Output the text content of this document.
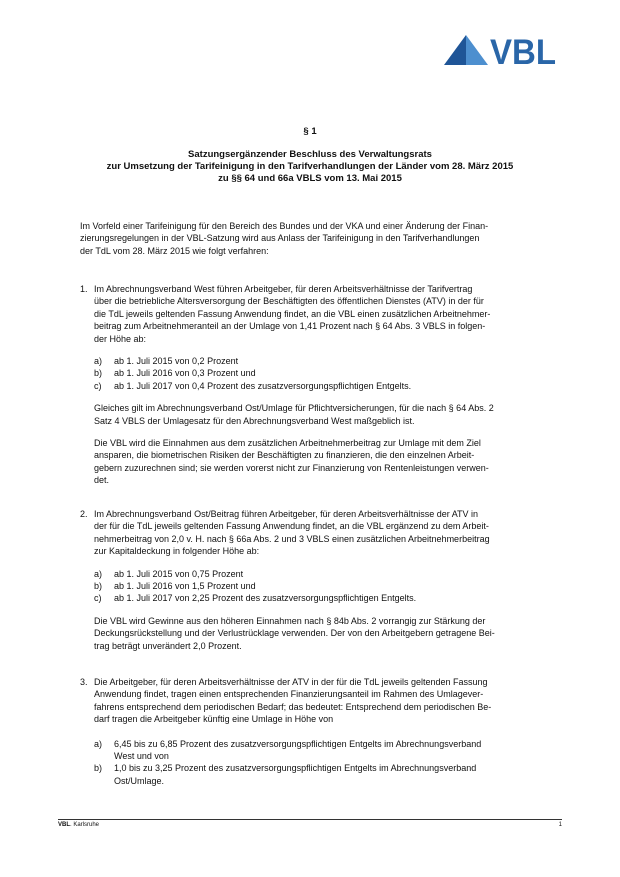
VBL

§ 1

Satzungsergänzender Beschluss des Verwaltungsrats
zur Umsetzung der Tarifeinigung in den Tarifverhandlungen der Länder vom 28. März 2015
zu §§ 64 und 66a VBLS vom 13. Mai 2015
Im Vorfeld einer Tarifeinigung für den Bereich des Bundes und der VKA und einer Änderung der Finan-
zierungsregelungen in der VBL-Satzung wird aus Anlass der Tarifeinigung in den Tarifverhandlungen
der TdL vom 28. März 2015 wie folgt verfahren:
1. Im Abrechnungsverband West führen Arbeitgeber, für deren Arbeitsverhältnisse der Tarifvertrag
über die betriebliche Altersversorgung der Beschäftigten des öffentlichen Dienstes (ATV) in der für
die TdL jeweils geltenden Fassung Anwendung findet, an die VBL einen zusätzlichen Arbeitnehmer-
beitrag zum Arbeitnehmeranteil an der Umlage von 1,41 Prozent nach § 64 Abs. 3 VBLS in folgen-
der Höhe ab:
a) ab 1. Juli 2015 von 0,2 Prozent
b) ab 1. Juli 2016 von 0,3 Prozent und
c) ab 1. Juli 2017 von 0,4 Prozent des zusatzversorgungspflichtigen Entgelts.
Gleiches gilt im Abrechnungsverband Ost/Umlage für Pflichtversicherungen, für die nach § 64 Abs. 2
Satz 4 VBLS der Umlagesatz für den Abrechnungsverband West maßgeblich ist.
Die VBL wird die Einnahmen aus dem zusätzlichen Arbeitnehmerbeitrag zur Umlage mit dem Ziel
ansparen, die biometrischen Risiken der Beschäftigten zu finanzieren, die den einzelnen Arbeit-
gebern zuzurechnen sind; sie werden vorerst nicht zur Finanzierung von Rentenleistungen verwen-
det.
2. Im Abrechnungsverband Ost/Beitrag führen Arbeitgeber, für deren Arbeitsverhältnisse der ATV in
der für die TdL jeweils geltenden Fassung Anwendung findet, an die VBL ergänzend zu dem Arbeit-
nehmerbeitrag von 2,0 v. H. nach § 66a Abs. 2 und 3 VBLS einen zusätzlichen Arbeitnehmerbeitrag
zur Kapitaldeckung in folgender Höhe ab:
a) ab 1. Juli 2015 von 0,75 Prozent
b) ab 1. Juli 2016 von 1,5 Prozent und
c) ab 1. Juli 2017 von 2,25 Prozent des zusatzversorgungspflichtigen Entgelts.
Die VBL wird Gewinne aus den höheren Einnahmen nach § 84b Abs. 2 vorrangig zur Stärkung der
Deckungsrückstellung und der Verlustrücklage verwenden. Der von den Arbeitgebern getragene Bei-
trag beträgt unverändert 2,0 Prozent.
3. Die Arbeitgeber, für deren Arbeitsverhältnisse der ATV in der für die TdL jeweils geltenden Fassung
Anwendung findet, tragen einen entsprechenden Finanzierungsanteil im Rahmen des Umlagever-
fahrens entsprechend dem periodischen Bedarf; das bedeutet: Entsprechend dem periodischen Be-
darf tragen die Arbeitgeber künftig eine Umlage in Höhe von
a) 6,45 bis zu 6,85 Prozent des zusatzversorgungspflichtigen Entgelts im Abrechnungsverband
West und von
b) 1,0 bis zu 3,25 Prozent des zusatzversorgungspflichtigen Entgelts im Abrechnungsverband
Ost/Umlage.
VBL. Karlsruhe	1
